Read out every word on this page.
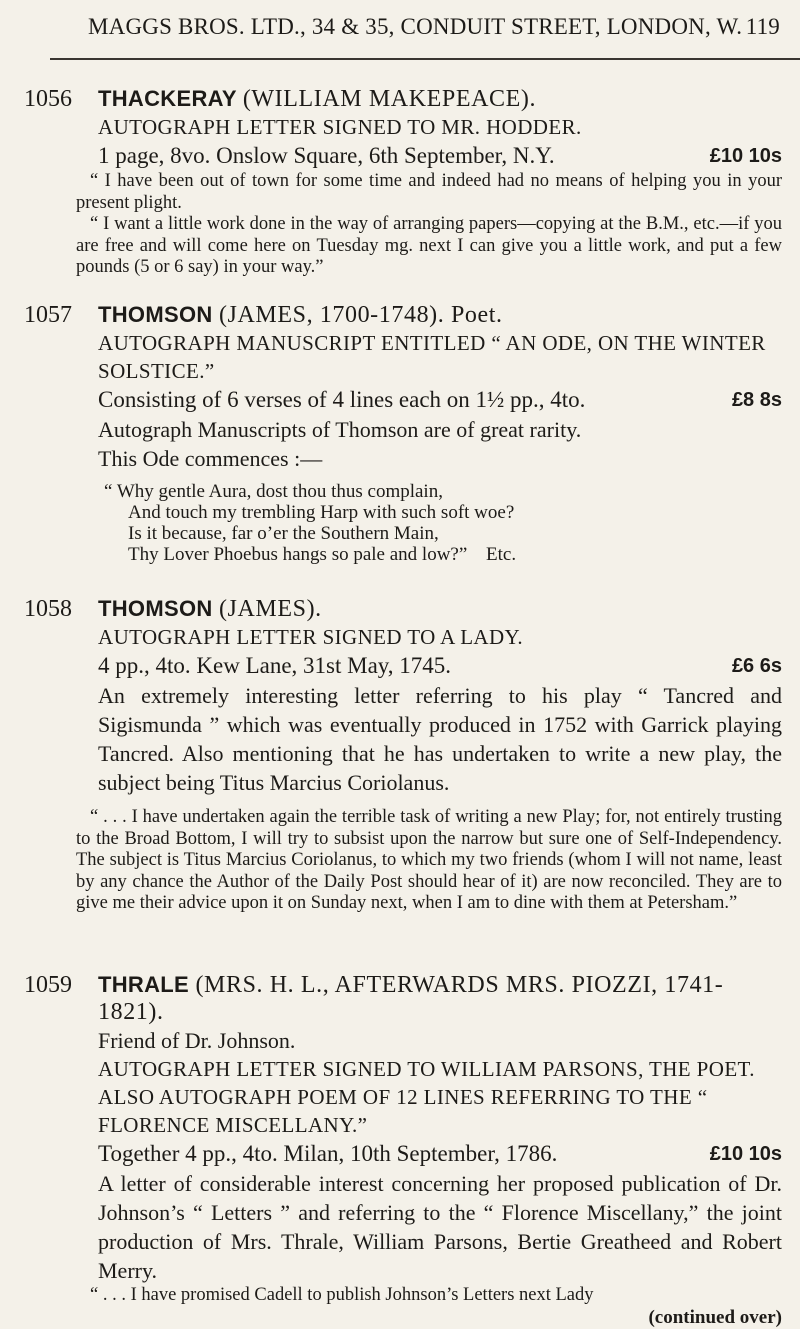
MAGGS BROS. LTD., 34 & 35, CONDUIT STREET, LONDON, W. 119
1056 THACKERAY (WILLIAM MAKEPEACE).
AUTOGRAPH LETTER SIGNED TO MR. HODDER.
1 page, 8vo. Onslow Square, 6th September, N.Y.	£10 10s
“ I have been out of town for some time and indeed had no means of helping you in your present plight.
“ I want a little work done in the way of arranging papers—copying at the B.M., etc.—if you are free and will come here on Tuesday mg. next I can give you a little work, and put a few pounds (5 or 6 say) in your way.”
1057 THOMSON (JAMES, 1700-1748). Poet.
AUTOGRAPH MANUSCRIPT ENTITLED “ AN ODE, ON THE WINTER SOLSTICE.”
Consisting of 6 verses of 4 lines each on 1½ pp., 4to.	£8 8s
Autograph Manuscripts of Thomson are of great rarity.
This Ode commences :—
“ Why gentle Aura, dost thou thus complain,
And touch my trembling Harp with such soft woe?
Is it because, far o’er the Southern Main,
Thy Lover Phoebus hangs so pale and low?” Etc.
1058 THOMSON (JAMES).
AUTOGRAPH LETTER SIGNED TO A LADY.
4 pp., 4to. Kew Lane, 31st May, 1745.	£6 6s
An extremely interesting letter referring to his play “ Tancred and Sigismunda ” which was eventually produced in 1752 with Garrick playing Tancred. Also mentioning that he has undertaken to write a new play, the subject being Titus Marcius Coriolanus.
“ . . . I have undertaken again the terrible task of writing a new Play; for, not entirely trusting to the Broad Bottom, I will try to subsist upon the narrow but sure one of Self-Independency. The subject is Titus Marcius Coriolanus, to which my two friends (whom I will not name, least by any chance the Author of the Daily Post should hear of it) are now reconciled. They are to give me their advice upon it on Sunday next, when I am to dine with them at Petersham.”
1059 THRALE (MRS. H. L., AFTERWARDS MRS. PIOZZI, 1741-1821).
Friend of Dr. Johnson.
AUTOGRAPH LETTER SIGNED TO WILLIAM PARSONS, THE POET.
ALSO AUTOGRAPH POEM OF 12 LINES REFERRING TO THE “ FLORENCE MISCELLANY.”
Together 4 pp., 4to. Milan, 10th September, 1786.	£10 10s
A letter of considerable interest concerning her proposed publication of Dr. Johnson’s “ Letters ” and referring to the “ Florence Miscellany,” the joint production of Mrs. Thrale, William Parsons, Bertie Greatheed and Robert Merry.
“ . . . I have promised Cadell to publish Johnson’s Letters next Lady
(continued over)
